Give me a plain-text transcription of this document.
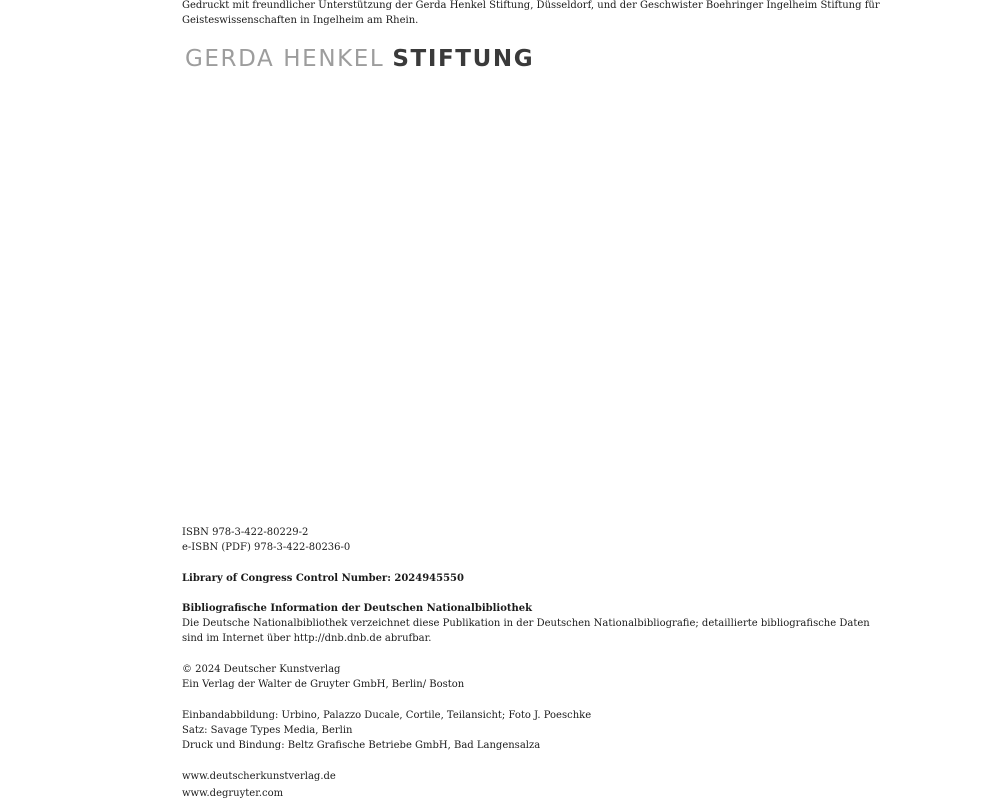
Gedruckt mit freundlicher Unterstützung der Gerda Henkel Stiftung, Düsseldorf, und der Geschwister Boehringer Ingelheim Stiftung für
Geisteswissenschaften in Ingelheim am Rhein.
GERDA HENKEL STIFTUNG
ISBN 978-3-422-80229-2
e-ISBN (PDF) 978-3-422-80236-0
Library of Congress Control Number: 2024945550
Bibliografische Information der Deutschen Nationalbibliothek
Die Deutsche Nationalbibliothek verzeichnet diese Publikation in der Deutschen Nationalbibliografie; detaillierte bibliografische Daten
sind im Internet über http://dnb.dnb.de abrufbar.
© 2024 Deutscher Kunstverlag
Ein Verlag der Walter de Gruyter GmbH, Berlin/ Boston
Einbandabbildung: Urbino, Palazzo Ducale, Cortile, Teilansicht; Foto J. Poeschke
Satz: Savage Types Media, Berlin
Druck und Bindung: Beltz Grafische Betriebe GmbH, Bad Langensalza
www.deutscherkunstverlag.de
www.degruyter.com
